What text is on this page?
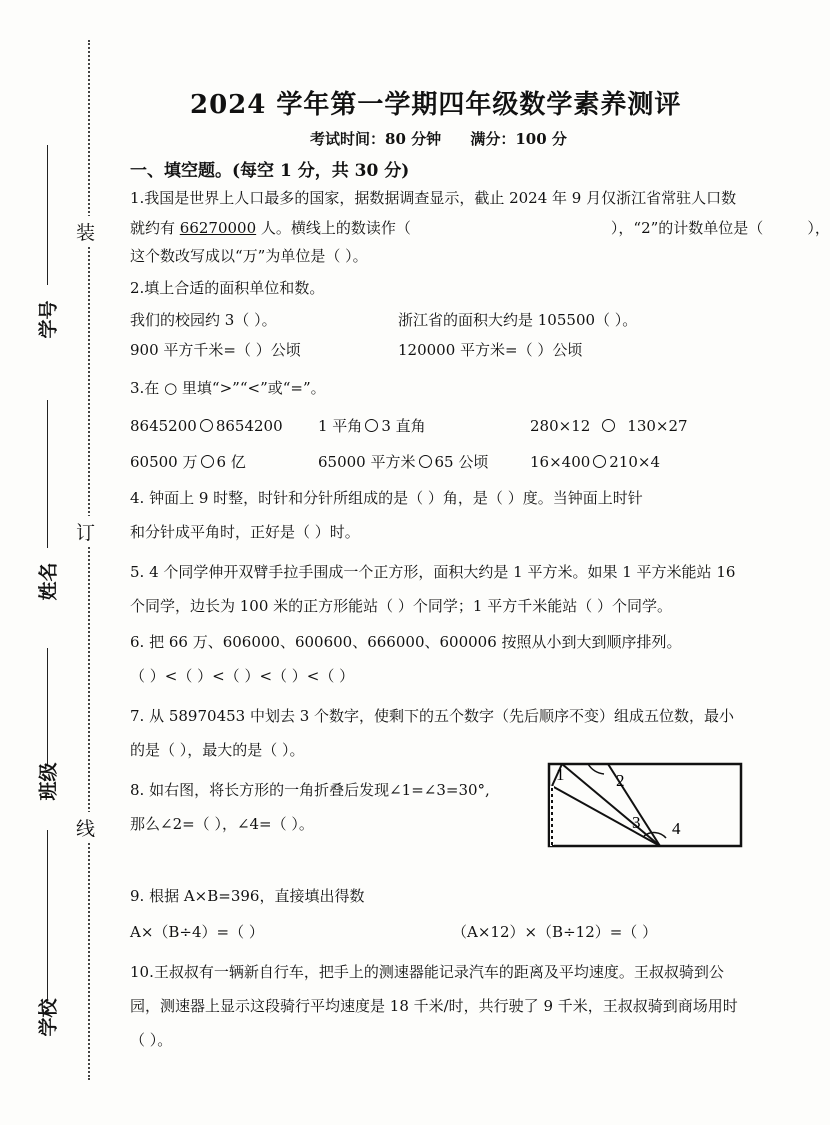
装
订
线
学号
姓名
班级
学校
2024 学年第一学期四年级数学素养测评
考试时间：80 分钟 满分：100 分
一、填空题。(每空 1 分，共 30 分)
1.我国是世界上人口最多的国家，据数据调查显示，截止 2024 年 9 月仅浙江省常驻人口数
就约有 66270000 人。横线上的数读作（	），“2”的计数单位是（	），
这个数改写成以“万”为单位是（ ）。
2.填上合适的面积单位和数。
我们的校园约 3（ ）。	浙江省的面积大约是 105500（ ）。
900 平方千米=（ ）公顷	120000 平方米=（ ）公顷
3.在 ○ 里填“>”“<”或“=”。
8645200 8654200 1 平角 3 直角	280×12 130×27
60500 万 6 亿	65000 平方米 65 公顷	16×400 210×4
4. 钟面上 9 时整，时针和分针所组成的是（ ）角，是（ ）度。当钟面上时针
和分针成平角时，正好是（ ）时。
5. 4 个同学伸开双臂手拉手围成一个正方形，面积大约是 1 平方米。如果 1 平方米能站 16
个同学，边长为 100 米的正方形能站（ ）个同学；1 平方千米能站（ ）个同学。
6. 把 66 万、606000、600600、666000、600006 按照从小到大到顺序排列。
（ ）<（ ）<（ ）<（ ）<（ ）
7. 从 58970453 中划去 3 个数字，使剩下的五个数字（先后顺序不变）组成五位数，最小
的是（ ），最大的是（ ）。
8. 如右图，将长方形的一角折叠后发现∠1=∠3=30°,
那么∠2=（ ），∠4=（ ）。
1	2
3 4
9. 根据 A×B=396，直接填出得数
A×（B÷4）=（ ）	（A×12）×（B÷12）=（ ）
10.王叔叔有一辆新自行车，把手上的测速器能记录汽车的距离及平均速度。王叔叔骑到公
园，测速器上显示这段骑行平均速度是 18 千米/时，共行驶了 9 千米，王叔叔骑到商场用时
（ ）。
